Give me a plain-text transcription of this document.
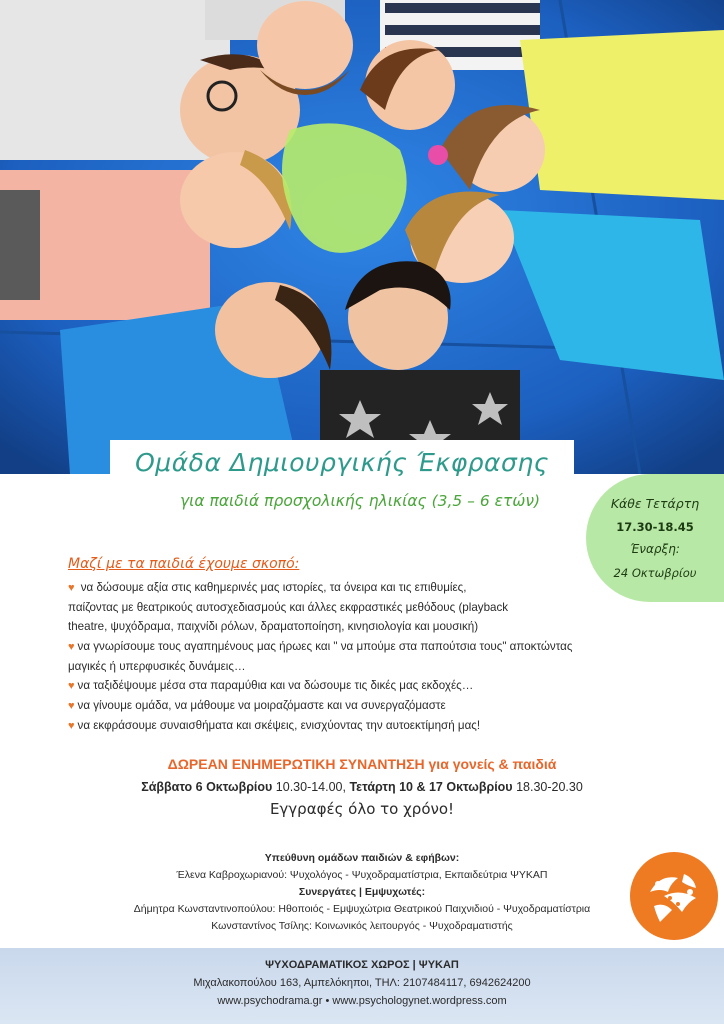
Ομάδα Δημιουργικής Έκφρασης
για παιδιά προσχολικής ηλικίας (3,5 – 6 ετών)	Κάθε Τετάρτη
17.30-18.45
Έναρξη:
24 Οκτωβρίου
Μαζί με τα παιδιά έχουμε σκοπό:
♥ να δώσουμε αξία στις καθημερινές μας ιστορίες, τα όνειρα και τις επιθυμίες,
παίζοντας με θεατρικούς αυτοσχεδιασμούς και άλλες εκφραστικές μεθόδους (playback
theatre, ψυχόδραμα, παιχνίδι ρόλων, δραματοποίηση, κινησιολογία και μουσική)
♥ να γνωρίσουμε τους αγαπημένους μας ήρωες και " να μπούμε στα παπούτσια τους" αποκτώντας
μαγικές ή υπερφυσικές δυνάμεις…
♥ να ταξιδέψουμε μέσα στα παραμύθια και να δώσουμε τις δικές μας εκδοχές…
♥ να γίνουμε ομάδα, να μάθουμε να μοιραζόμαστε και να συνεργαζόμαστε
♥ να εκφράσουμε συναισθήματα και σκέψεις, ενισχύοντας την αυτοεκτίμησή μας!
ΔΩΡΕΑΝ ΕΝΗΜΕΡΩΤΙΚΗ ΣΥΝΑΝΤΗΣΗ για γονείς & παιδιά
Σάββατο 6 Οκτωβρίου 10.30-14.00, Τετάρτη 10 & 17 Οκτωβρίου 18.30-20.30
Εγγραφές όλο το χρόνο!
Υπεύθυνη ομάδων παιδιών & εφήβων:
Έλενα Καβροχωριανού: Ψυχολόγος - Ψυχοδραματίστρια, Εκπαιδεύτρια ΨΥΚΑΠ
Συνεργάτες | Εμψυχωτές:
Δήμητρα Κωνσταντινοπούλου: Ηθοποιός - Εμψυχώτρια Θεατρικού Παιχνιδιού - Ψυχοδραματίστρια
Κωνσταντίνος Τσίλης: Κοινωνικός λειτουργός - Ψυχοδραματιστής
ΨΥΧΟΔΡΑΜΑΤΙΚΟΣ ΧΩΡΟΣ | ΨΥΚΑΠ
Μιχαλακοπούλου 163, Αμπελόκηποι, ΤΗΛ: 2107484117, 6942624200
www.psychodrama.gr • www.psychologynet.wordpress.com
